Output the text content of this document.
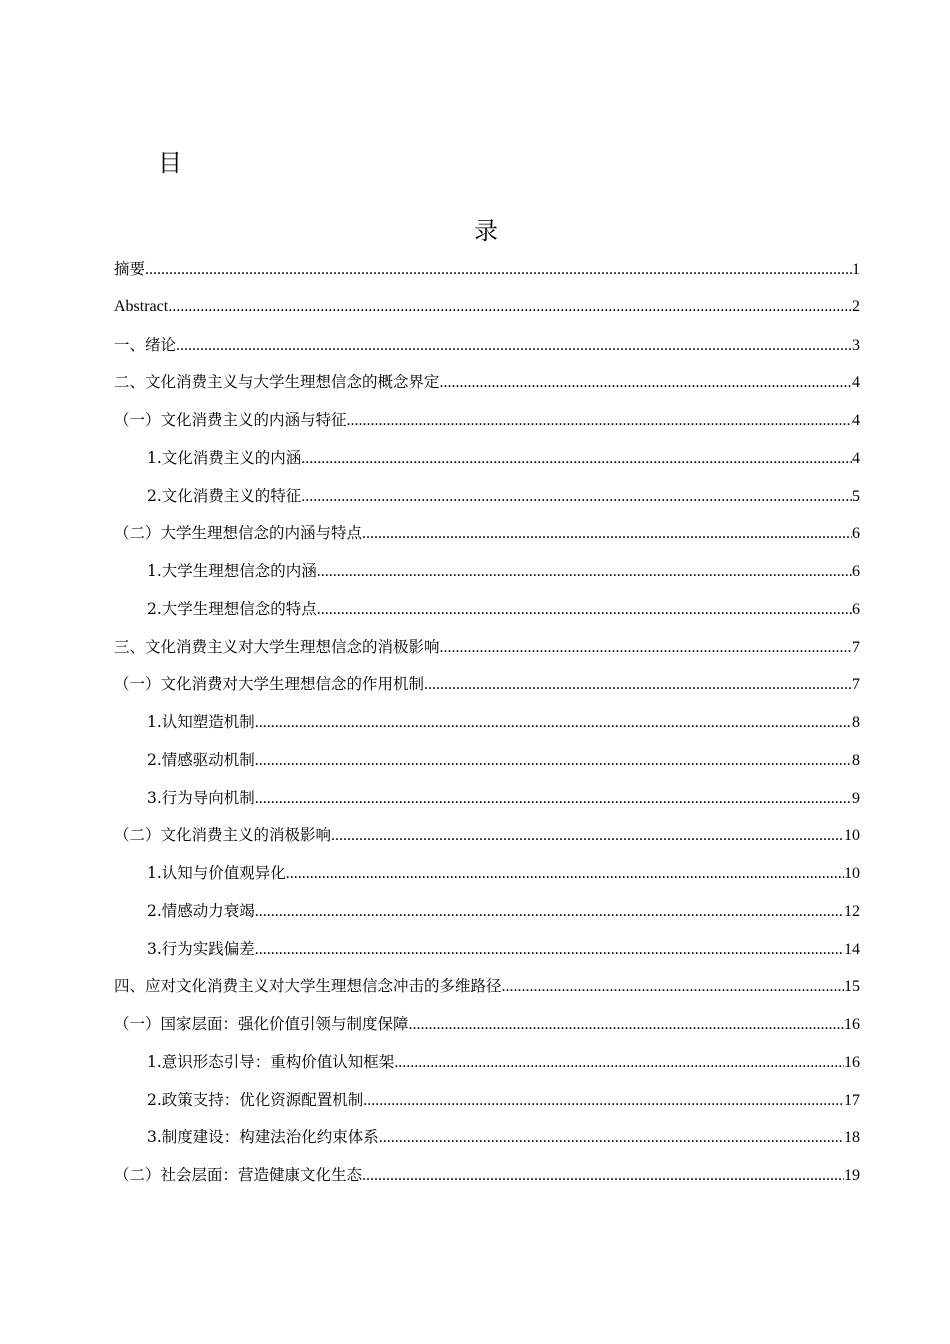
目
录
摘要 .....	1
Abstract .....	2
一、绪论 .....	3
二、文化消费主义与大学生理想信念的概念界定 .....	4
（一）文化消费主义的内涵与特征 .....	4
1.文化消费主义的内涵 .....	4
2.文化消费主义的特征 .....	5
（二）大学生理想信念的内涵与特点 .....	6
1.大学生理想信念的内涵 .....	6
2.大学生理想信念的特点 .....	6
三、文化消费主义对大学生理想信念的消极影响 .....	7
（一）文化消费对大学生理想信念的作用机制 .....	7
1.认知塑造机制 .....	8
2.情感驱动机制 .....	8
3.行为导向机制 .....	9
（二）文化消费主义的消极影响 .....	10
1.认知与价值观异化 .....	10
2.情感动力衰竭 .....	12
3.行为实践偏差 .....	14
四、应对文化消费主义对大学生理想信念冲击的多维路径 .....	15
（一）国家层面：强化价值引领与制度保障 .....	16
1.意识形态引导：重构价值认知框架 .....	16
2.政策支持：优化资源配置机制 .....	17
3.制度建设：构建法治化约束体系 .....	18
（二）社会层面：营造健康文化生态 .....	19
